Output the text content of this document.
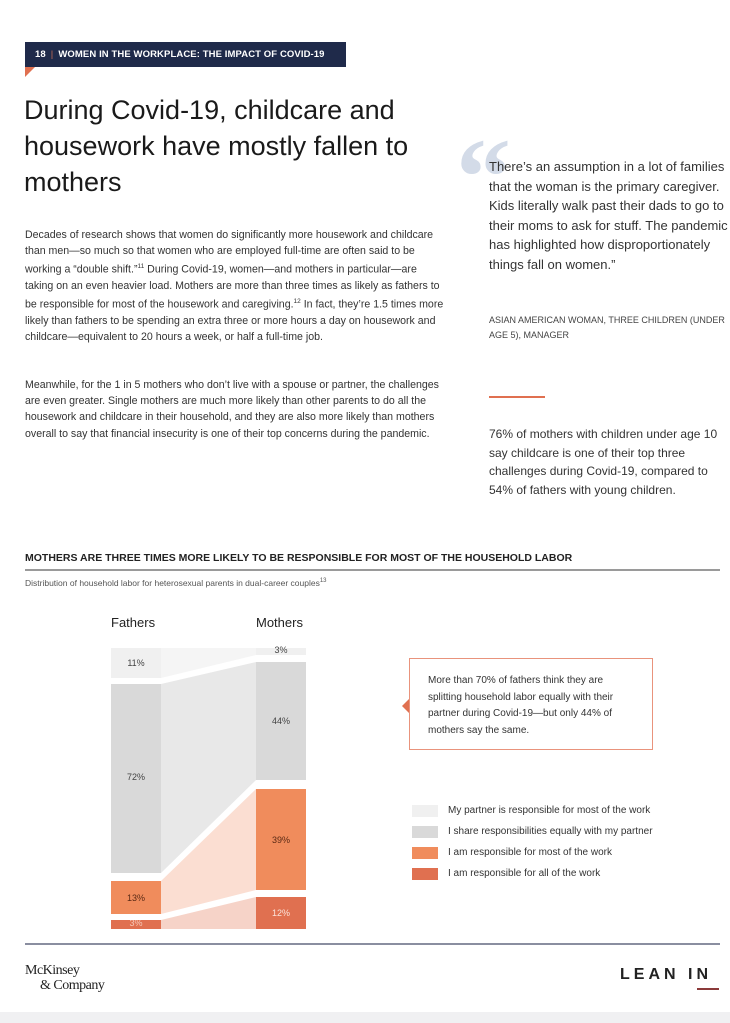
18 | WOMEN IN THE WORKPLACE: THE IMPACT OF COVID-19
During Covid-19, childcare and housework have mostly fallen to mothers
Decades of research shows that women do significantly more housework and childcare than men—so much so that women who are employed full-time are often said to be working a “double shift.”$^{11}$ During Covid-19, women—and mothers in particular—are taking on an even heavier load. Mothers are more than three times as likely as fathers to be responsible for most of the housework and caregiving.$^{12}$ In fact, they’re 1.5 times more likely than fathers to be spending an extra three or more hours a day on housework and childcare—equivalent to 20 hours a week, or half a full-time job.
Meanwhile, for the 1 in 5 mothers who don’t live with a spouse or partner, the challenges are even greater. Single mothers are much more likely than other parents to do all the housework and childcare in their household, and they are also more likely than mothers overall to say that financial insecurity is one of their top concerns during the pandemic.
“
There’s an assumption in a lot of families that the woman is the primary caregiver. Kids literally walk past their dads to go to their moms to ask for stuff. The pandemic has highlighted how disproportionately things fall on women.”
ASIAN AMERICAN WOMAN, THREE CHILDREN (UNDER AGE 5), MANAGER
76% of mothers with children under age 10 say childcare is one of their top three challenges during Covid-19, compared to 54% of fathers with young children.
MOTHERS ARE THREE TIMES MORE LIKELY TO BE RESPONSIBLE FOR MOST OF THE HOUSEHOLD LABOR
Distribution of household labor for heterosexual parents in dual-career couples$^{13}$
Fathers	Mothers
11%
72%
13%
3%
3%
44%
39%
12%
More than 70% of fathers think they are splitting household labor equally with their partner during Covid-19—but only 44% of mothers say the same.
My partner is responsible for most of the work
I share responsibilities equally with my partner
I am responsible for most of the work
I am responsible for all of the work
McKinsey
& Company
LEAN IN
